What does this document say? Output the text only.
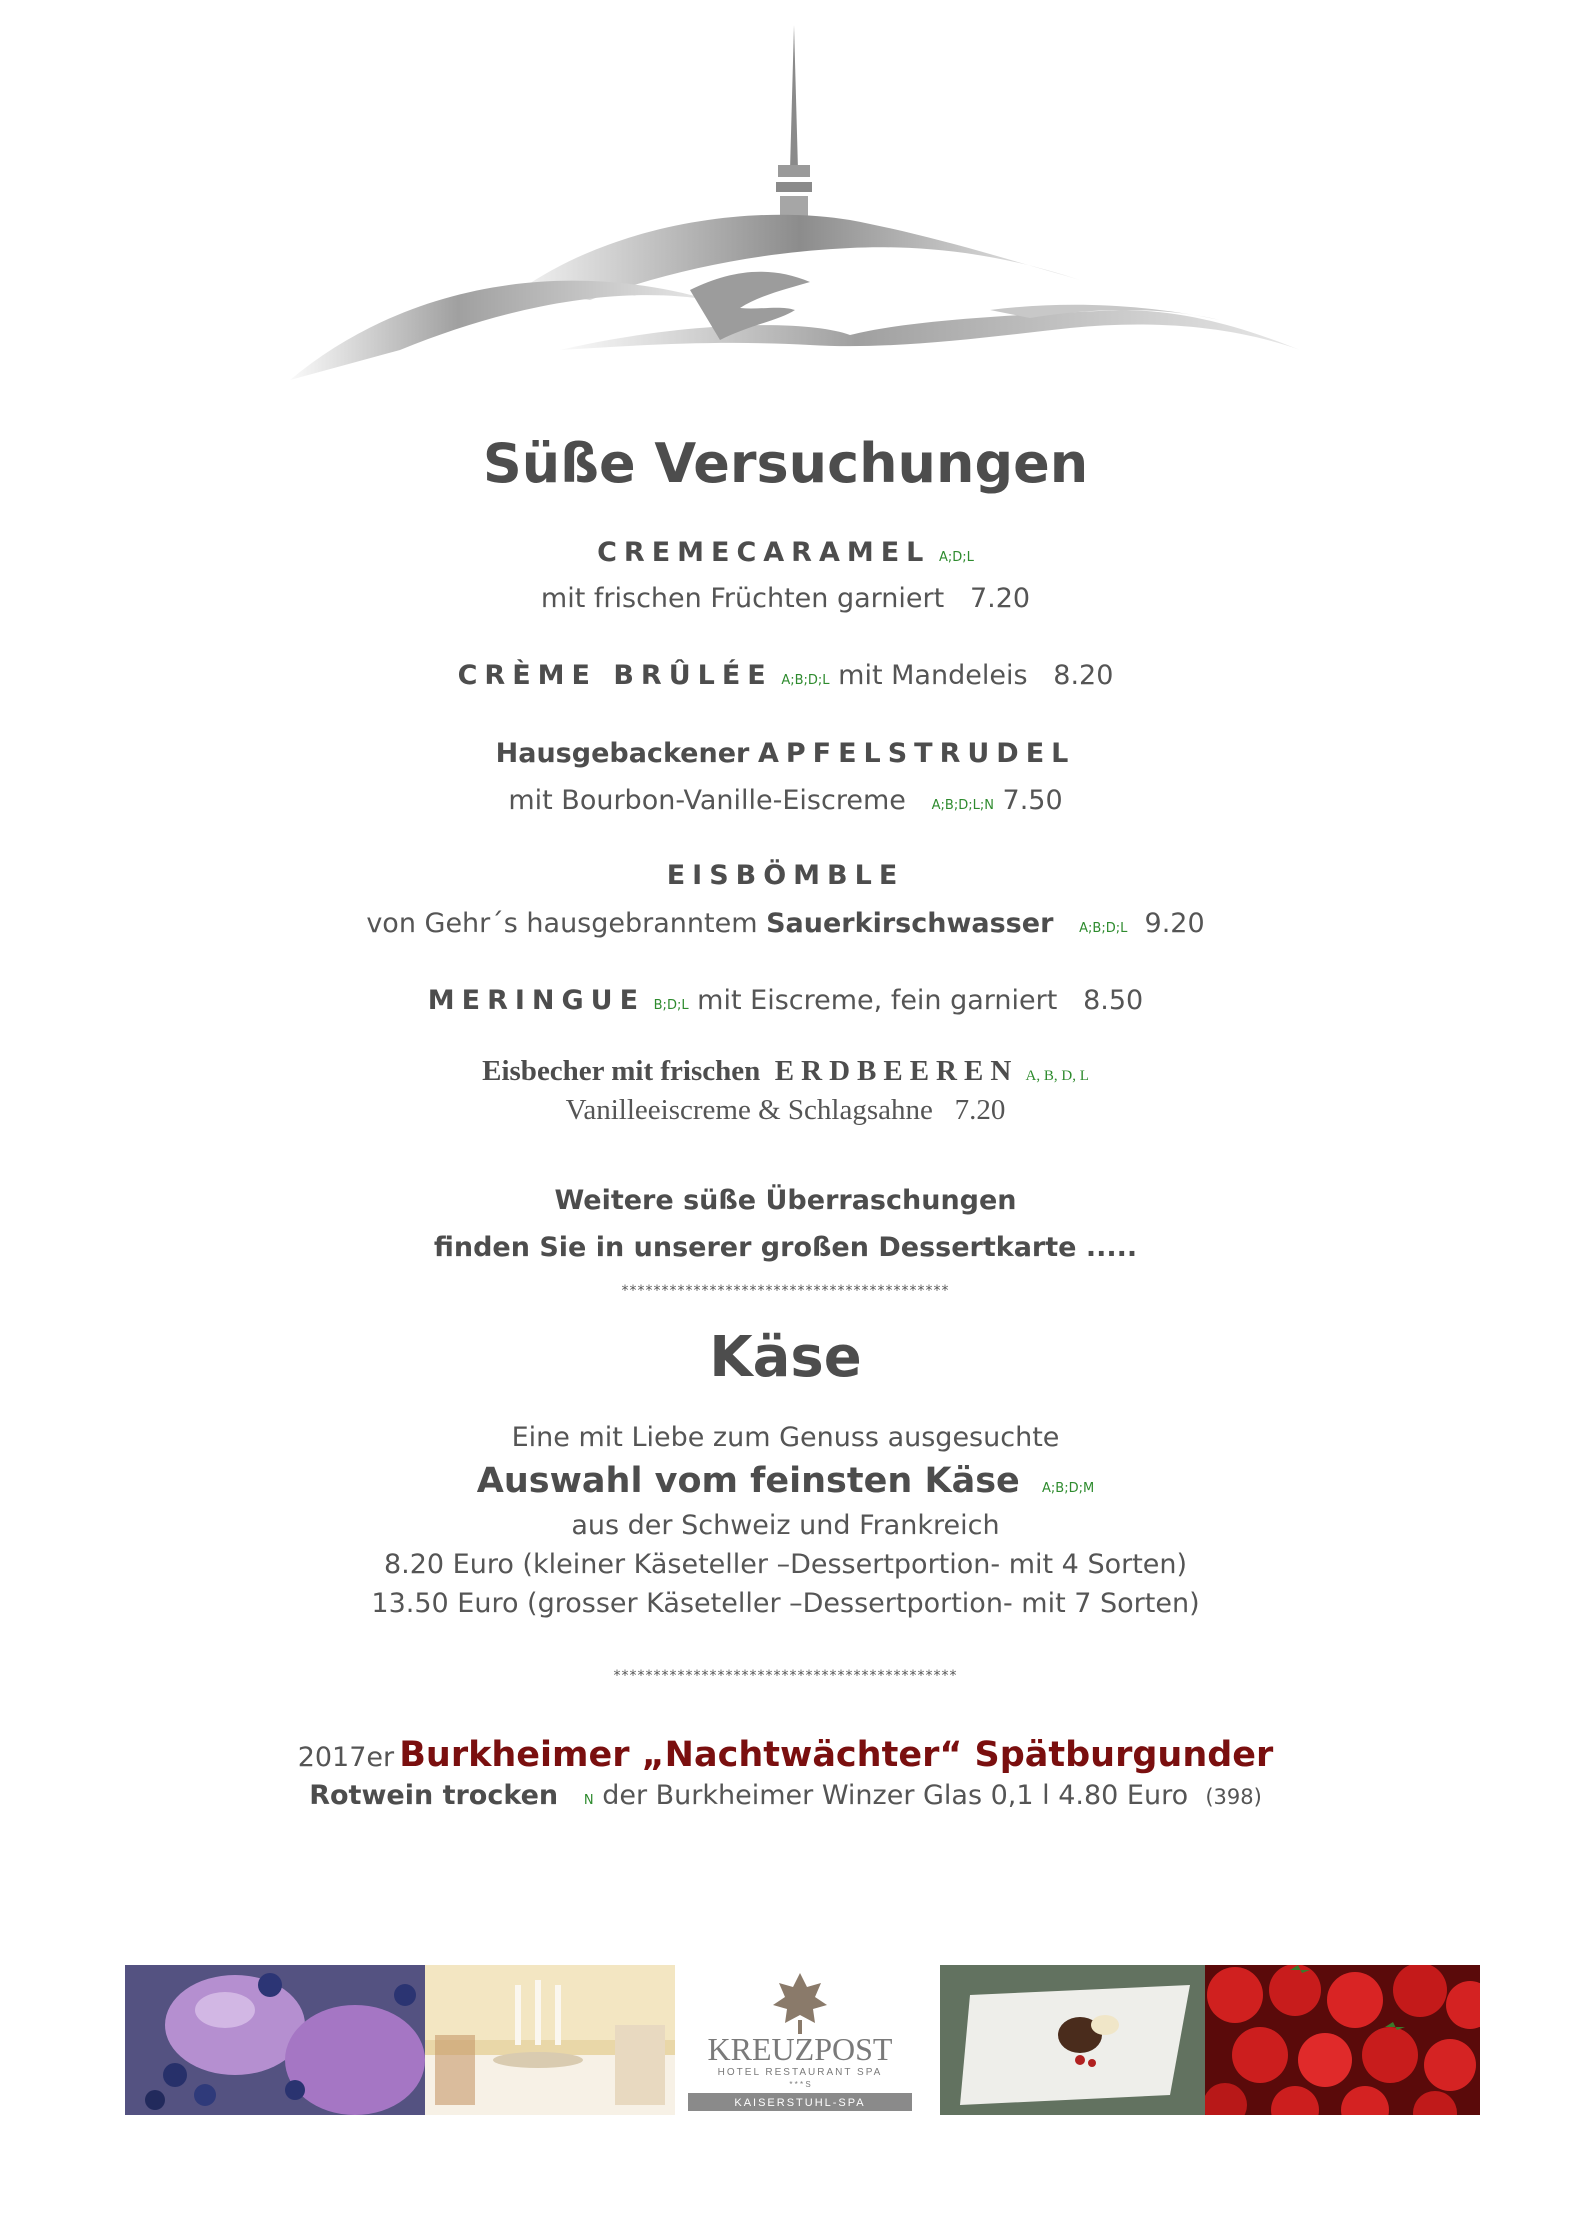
Süße Versuchungen
CREMECARAMEL A;D;L
mit frischen Früchten garniert 7.20
CRÈME BRÛLÉE A;B;D;L mit Mandeleis 8.20
Hausgebackener APFELSTRUDEL
mit Bourbon-Vanille-Eiscreme A;B;D;L;N 7.50
EISBÖMBLE
von Gehr´s hausgebranntem Sauerkirschwasser A;B;D;L 9.20
MERINGUE B;D;L mit Eiscreme, fein garniert 8.50
Eisbecher mit frischen ERDBEEREN A, B, D, L
Vanilleeiscreme & Schlagsahne 7.20
Weitere süße Überraschungen
finden Sie in unserer großen Dessertkarte .....
*****************************************
Käse
Eine mit Liebe zum Genuss ausgesuchte
Auswahl vom feinsten Käse A;B;D;M
aus der Schweiz und Frankreich
8.20 Euro (kleiner Käseteller –Dessertportion- mit 4 Sorten)
13.50 Euro (grosser Käseteller –Dessertportion- mit 7 Sorten)
*******************************************
2017er Burkheimer „Nachtwächter“ Spätburgunder
Rotwein trocken N der Burkheimer Winzer Glas 0,1 l 4.80 Euro (398)
KREUZPOST
HOTEL RESTAURANT SPA
* * * S
KAISERSTUHL-SPA
